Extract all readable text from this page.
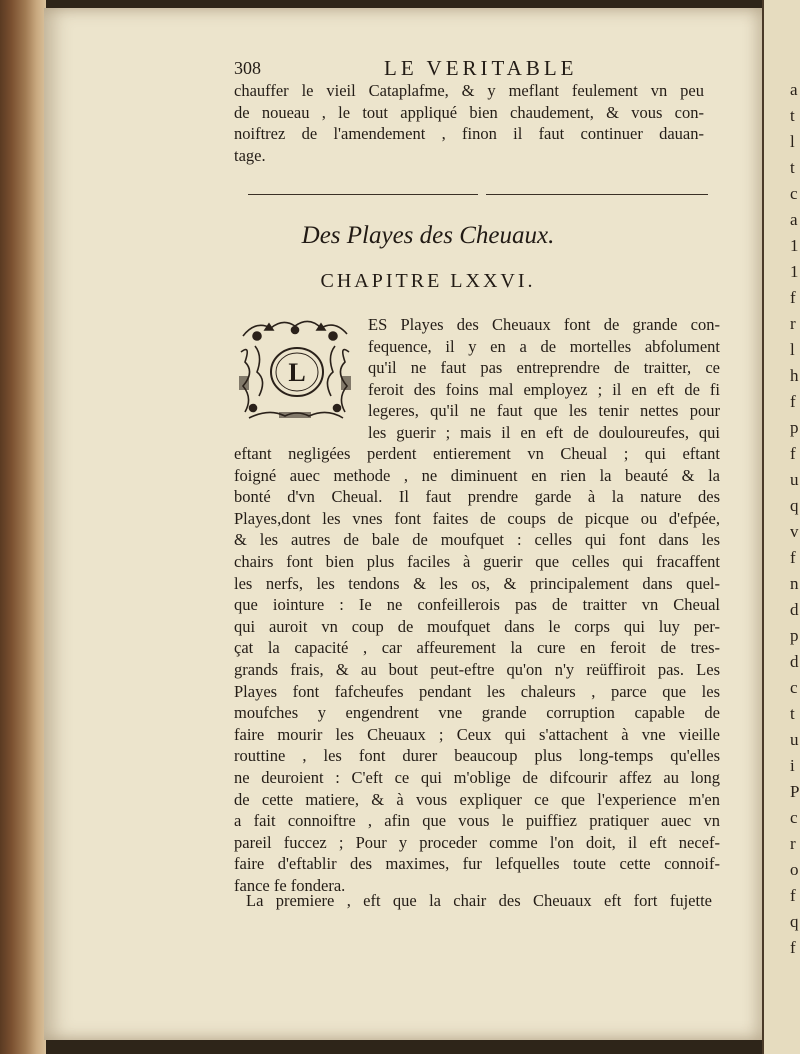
a
t
l
t
c
a
1
1
f
r
l
h
f
p
f
u
q
v
f
n
d
p
d
c
t
u
i
P
c
r
o
f
q
f
308	LE VERITABLE
chauffer le vieil Cataplafme, & y meflant feulement vn peu
de noueau , le tout appliqué bien chaudement, & vous con-
noiftrez de l'amendement , finon il faut continuer dauan-
tage.
Des Playes des Cheuaux.
CHAPITRE LXXVI.
L
ES Playes des Cheuaux font de grande con-
fequence, il y en a de mortelles abfolument
qu'il ne faut pas entreprendre de traitter, ce
feroit des foins mal employez ; il en eft de fi
legeres, qu'il ne faut que les tenir nettes pour
les guerir ; mais il en eft de douloureufes, qui
eftant negligées perdent entierement vn Cheual ; qui eftant
foigné auec methode , ne diminuent en rien la beauté & la
bonté d'vn Cheual. Il faut prendre garde à la nature des
Playes,dont les vnes font faites de coups de picque ou d'efpée,
& les autres de bale de moufquet : celles qui font dans les
chairs font bien plus faciles à guerir que celles qui fracaffent
les nerfs, les tendons & les os, & principalement dans quel-
que iointure : Ie ne confeillerois pas de traitter vn Cheual
qui auroit vn coup de moufquet dans le corps qui luy per-
çat la capacité , car affeurement la cure en feroit de tres-
grands frais, & au bout peut-eftre qu'on n'y reüffiroit pas. Les
Playes font fafcheufes pendant les chaleurs , parce que les
moufches y engendrent vne grande corruption capable de
faire mourir les Cheuaux ; Ceux qui s'attachent à vne vieille
routtine , les font durer beaucoup plus long-temps qu'elles
ne deuroient : C'eft ce qui m'oblige de difcourir affez au long
de cette matiere, & à vous expliquer ce que l'experience m'en
a fait connoiftre , afin que vous le puiffiez pratiquer auec vn
pareil fuccez ; Pour y proceder comme l'on doit, il eft necef-
faire d'eftablir des maximes, fur lefquelles toute cette connoif-
fance fe fondera.
La premiere , eft que la chair des Cheuaux eft fort fujette
